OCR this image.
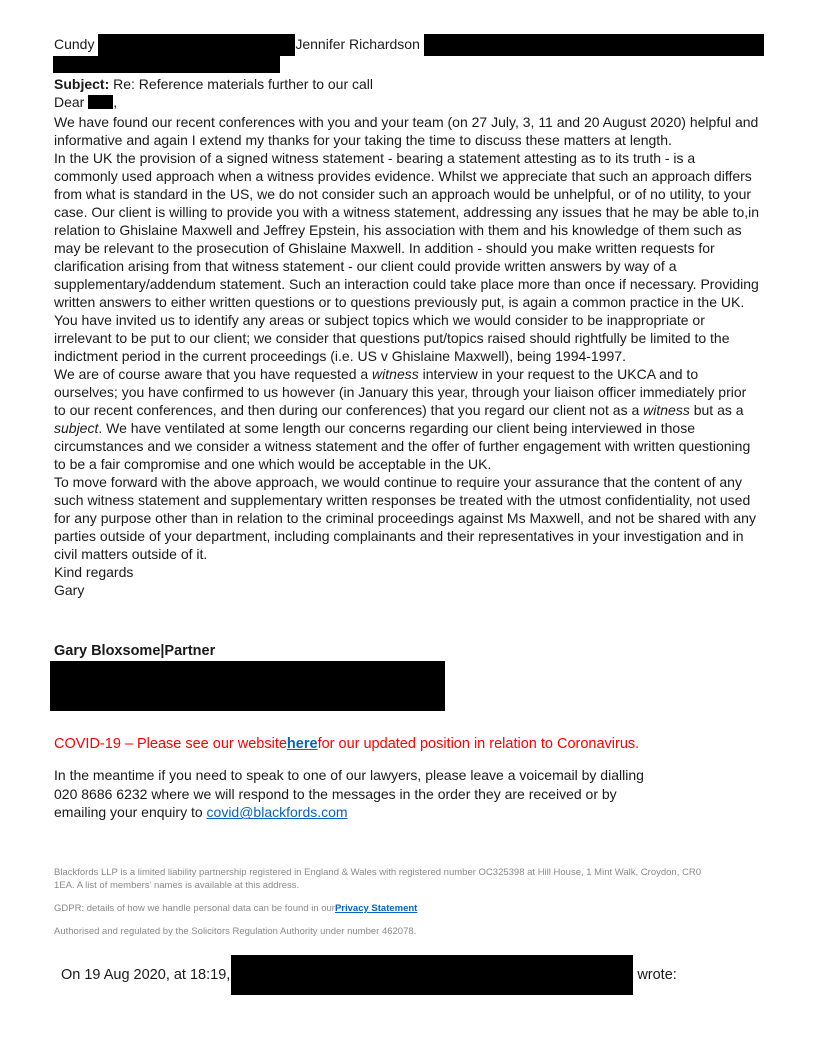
Cundy	Jennifer Richardson
Subject: Re: Reference materials further to our call
Dear ,
We have found our recent conferences with you and your team (on 27 July, 3, 11 and 20 August 2020) helpful and informative and again I extend my thanks for your taking the time to discuss these matters at length.
In the UK the provision of a signed witness statement - bearing a statement attesting as to its truth - is a commonly used approach when a witness provides evidence. Whilst we appreciate that such an approach differs from what is standard in the US, we do not consider such an approach would be unhelpful, or of no utility, to your case. Our client is willing to provide you with a witness statement, addressing any issues that he may be able to,in relation to Ghislaine Maxwell and Jeffrey Epstein, his association with them and his knowledge of them such as may be relevant to the prosecution of Ghislaine Maxwell. In addition - should you make written requests for clarification arising from that witness statement - our client could provide written answers by way of a supplementary/addendum statement. Such an interaction could take place more than once if necessary. Providing written answers to either written questions or to questions previously put, is again a common practice in the UK.
You have invited us to identify any areas or subject topics which we would consider to be inappropriate or irrelevant to be put to our client; we consider that questions put/topics raised should rightfully be limited to the indictment period in the current proceedings (i.e. US v Ghislaine Maxwell), being 1994-1997.
We are of course aware that you have requested a witness interview in your request to the UKCA and to ourselves; you have confirmed to us however (in January this year, through your liaison officer immediately prior to our recent conferences, and then during our conferences) that you regard our client not as a witness but as a subject. We have ventilated at some length our concerns regarding our client being interviewed in those circumstances and we consider a witness statement and the offer of further engagement with written questioning to be a fair compromise and one which would be acceptable in the UK.
To move forward with the above approach, we would continue to require your assurance that the content of any such witness statement and supplementary written responses be treated with the utmost confidentiality, not used for any purpose other than in relation to the criminal proceedings against Ms Maxwell, and not be shared with any parties outside of your department, including complainants and their representatives in your investigation and in civil matters outside of it.
Kind regards
Gary
Gary Bloxsome|Partner
COVID-19 – Please see our websiteherefor our updated position in relation to Coronavirus.
In the meantime if you need to speak to one of our lawyers, please leave a voicemail by dialling 020 8686 6232 where we will respond to the messages in the order they are received or by emailing your enquiry to covid@blackfords.com
Blackfords LLP is a limited liability partnership registered in England & Wales with registered number OC325398 at Hill House, 1 Mint Walk, Croydon, CR0 1EA. A list of members’ names is available at this address.
GDPR: details of how we handle personal data can be found in ourPrivacy Statement
Authorised and regulated by the Solicitors Regulation Authority under number 462078.
On 19 Aug 2020, at 18:19,	wrote:
